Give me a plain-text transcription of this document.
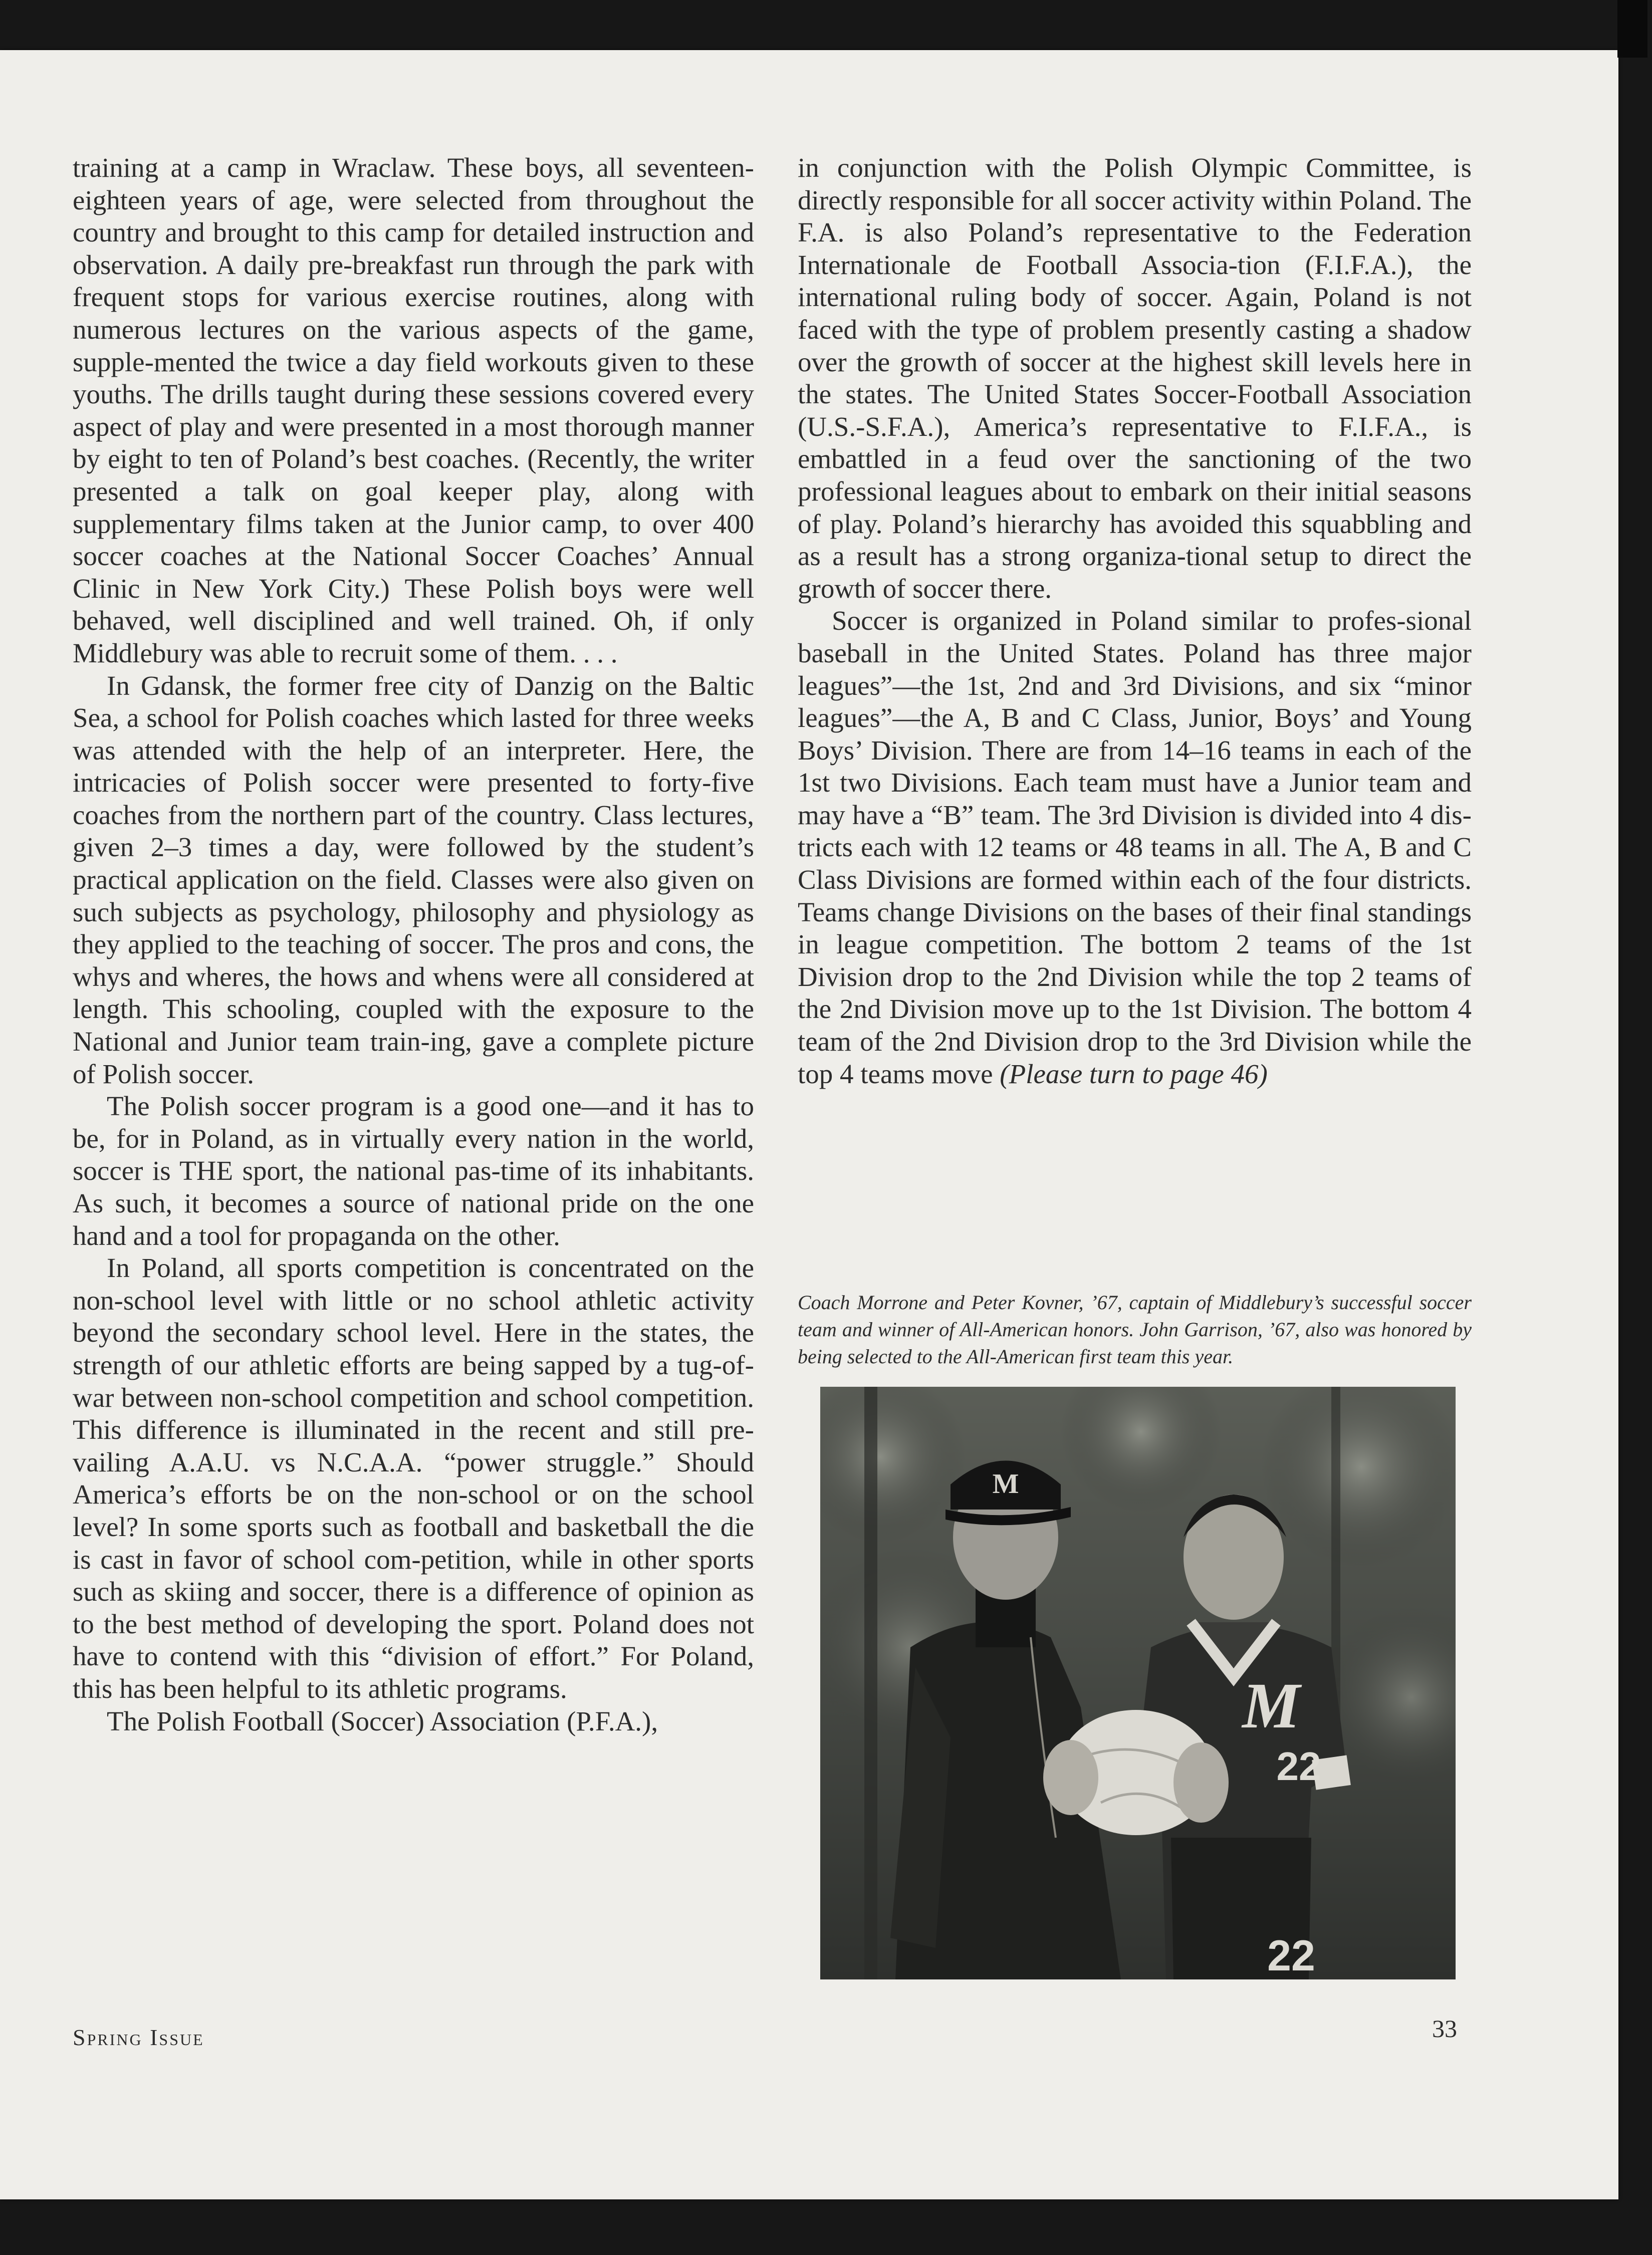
training at a camp in Wraclaw. These boys, all seventeen-eighteen years of age, were selected from throughout the country and brought to this camp for detailed instruction and observation. A daily pre-breakfast run through the park with frequent stops for various exercise routines, along with numerous lectures on the various aspects of the game, supple-mented the twice a day field workouts given to these youths. The drills taught during these sessions covered every aspect of play and were presented in a most thorough manner by eight to ten of Poland’s best coaches. (Recently, the writer presented a talk on goal keeper play, along with supplementary films taken at the Junior camp, to over 400 soccer coaches at the National Soccer Coaches’ Annual Clinic in New York City.) These Polish boys were well behaved, well disciplined and well trained. Oh, if only Middlebury was able to recruit some of them. . . .

In Gdansk, the former free city of Danzig on the Baltic Sea, a school for Polish coaches which lasted for three weeks was attended with the help of an interpreter. Here, the intricacies of Polish soccer were presented to forty-five coaches from the northern part of the country. Class lectures, given 2–3 times a day, were followed by the student’s practical application on the field. Classes were also given on such subjects as psychology, philosophy and physiology as they applied to the teaching of soccer. The pros and cons, the whys and wheres, the hows and whens were all considered at length. This schooling, coupled with the exposure to the National and Junior team train-ing, gave a complete picture of Polish soccer.

The Polish soccer program is a good one—and it has to be, for in Poland, as in virtually every nation in the world, soccer is THE sport, the national pas-time of its inhabitants. As such, it becomes a source of national pride on the one hand and a tool for propaganda on the other.

In Poland, all sports competition is concentrated on the non-school level with little or no school athletic activity beyond the secondary school level. Here in the states, the strength of our athletic efforts are being sapped by a tug-of-war between non-school competition and school competition. This difference is illuminated in the recent and still pre-vailing A.A.U. vs N.C.A.A. “power struggle.” Should America’s efforts be on the non-school or on the school level? In some sports such as football and basketball the die is cast in favor of school com-petition, while in other sports such as skiing and soccer, there is a difference of opinion as to the best method of developing the sport. Poland does not have to contend with this “division of effort.” For Poland, this has been helpful to its athletic programs.

The Polish Football (Soccer) Association (P.F.A.),

in conjunction with the Polish Olympic Committee, is directly responsible for all soccer activity within Poland. The F.A. is also Poland’s representative to the Federation Internationale de Football Associa-tion (F.I.F.A.), the international ruling body of soccer. Again, Poland is not faced with the type of problem presently casting a shadow over the growth of soccer at the highest skill levels here in the states. The United States Soccer-Football Association (U.S.-S.F.A.), America’s representative to F.I.F.A., is embattled in a feud over the sanctioning of the two professional leagues about to embark on their initial seasons of play. Poland’s hierarchy has avoided this squabbling and as a result has a strong organiza-tional setup to direct the growth of soccer there.

Soccer is organized in Poland similar to profes-sional baseball in the United States. Poland has three major leagues”—the 1st, 2nd and 3rd Divisions, and six “minor leagues”—the A, B and C Class, Junior, Boys’ and Young Boys’ Division. There are from 14–16 teams in each of the 1st two Divisions. Each team must have a Junior team and may have a “B” team. The 3rd Division is divided into 4 dis-tricts each with 12 teams or 48 teams in all. The A, B and C Class Divisions are formed within each of the four districts. Teams change Divisions on the bases of their final standings in league competition. The bottom 2 teams of the 1st Division drop to the 2nd Division while the top 2 teams of the 2nd Division move up to the 1st Division. The bottom 4 team of the 2nd Division drop to the 3rd Division while the top 4 teams move (Please turn to page 46)

Coach Morrone and Peter Kovner, ’67, captain of Middlebury’s successful soccer team and winner of All-American honors. John Garrison, ’67, also was honored by being selected to the All-American first team this year.
M
M
22
22
Spring Issue	33
